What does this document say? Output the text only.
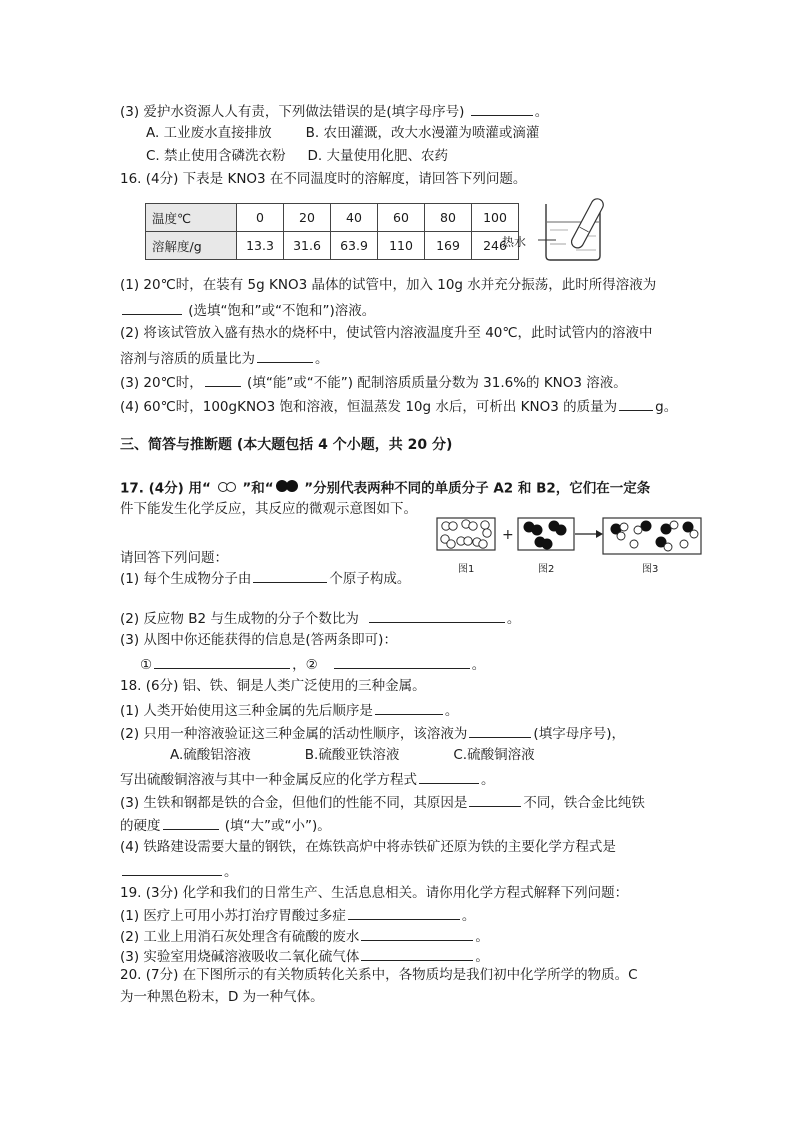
(3) 爱护水资源人人有责，下列做法错误的是(填字母序号)	。
A. 工业废水直接排放	B. 农田灌溉，改大水漫灌为喷灌或滴灌
C. 禁止使用含磷洗衣粉 D. 大量使用化肥、农药
16. (4分) 下表是 KNO3 在不同温度时的溶解度，请回答下列问题。
温度℃	0	20	40	60	80	100
溶解度/g	13.3	31.6	63.9	110	169	246
热水
(1) 20℃时，在装有 5g KNO3 晶体的试管中，加入 10g 水并充分振荡，此时所得溶液为
(选填“饱和”或“不饱和”)溶液。
(2) 将该试管放入盛有热水的烧杯中，使试管内溶液温度升至 40℃，此时试管内的溶液中
溶剂与溶质的质量比为	。
(3) 20℃时，	(填“能”或“不能”) 配制溶质质量分数为 31.6%的 KNO3 溶液。
(4) 60℃时，100gKNO3 饱和溶液，恒温蒸发 10g 水后，可析出 KNO3 的质量为	g。
三、简答与推断题 (本大题包括 4 个小题，共 20 分)
17. (4分) 用“  ”和“ ”分别代表两种不同的单质分子 A2 和 B2，它们在一定条
件下能发生化学反应，其反应的微观示意图如下。
+
图1	图2	图3
请回答下列问题：
(1) 每个生成物分子由	个原子构成。
(2) 反应物 B2 与生成物的分子个数比为	。
(3) 从图中你还能获得的信息是(答两条即可)：
①	，②	。
18. (6分) 铝、铁、铜是人类广泛使用的三种金属。
(1) 人类开始使用这三种金属的先后顺序是	。
(2) 只用一种溶液验证这三种金属的活动性顺序，该溶液为	(填字母序号)，
A.硫酸铝溶液	B.硫酸亚铁溶液	C.硫酸铜溶液
写出硫酸铜溶液与其中一种金属反应的化学方程式	。
(3) 生铁和钢都是铁的合金，但他们的性能不同，其原因是	不同，铁合金比纯铁
的硬度	(填“大”或“小”)。
(4) 铁路建设需要大量的钢铁，在炼铁高炉中将赤铁矿还原为铁的主要化学方程式是
。
19. (3分) 化学和我们的日常生产、生活息息相关。请你用化学方程式解释下列问题：
(1) 医疗上可用小苏打治疗胃酸过多症	。
(2) 工业上用消石灰处理含有硫酸的废水	。
(3) 实验室用烧碱溶液吸收二氧化硫气体	。
20. (7分) 在下图所示的有关物质转化关系中，各物质均是我们初中化学所学的物质。C
为一种黑色粉末，D 为一种气体。
